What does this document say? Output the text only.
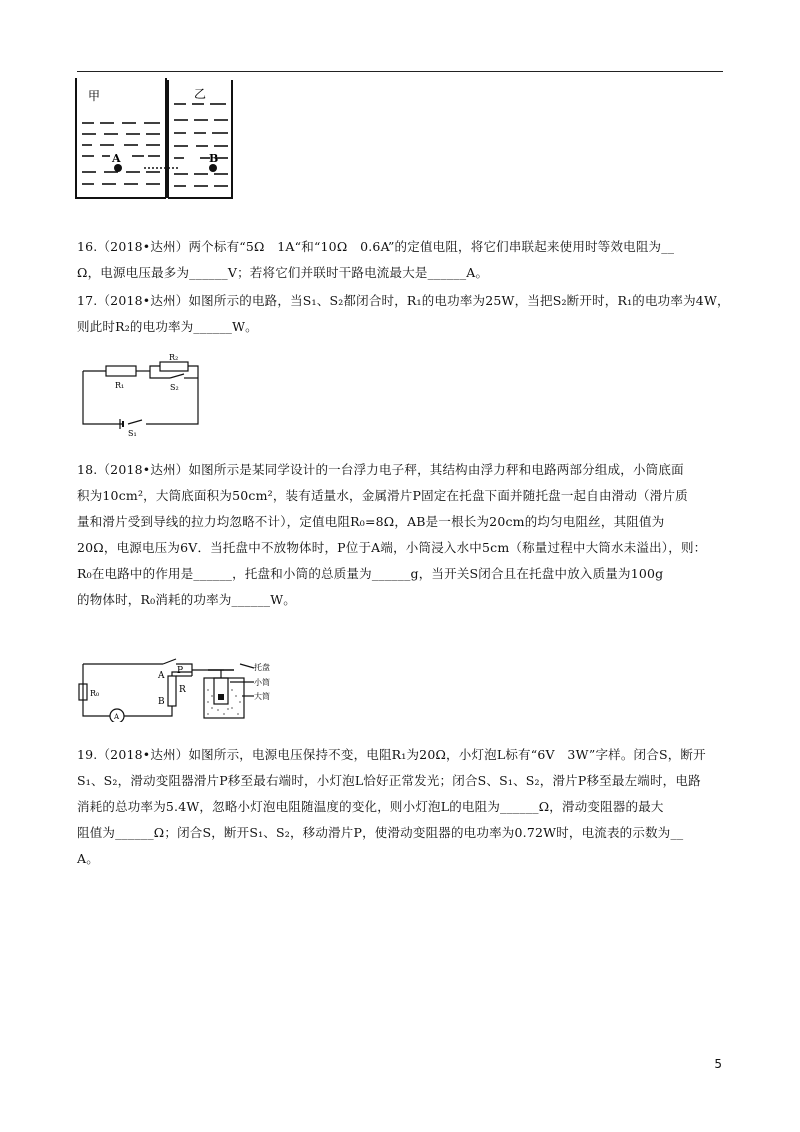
甲	乙
A	B
16.（2018•达州）两个标有“5Ω　1A“和“10Ω　0.6A”的定值电阻，将它们串联起来使用时等效电阻为__
Ω，电源电压最多为______V；若将它们并联时干路电流最大是______A。
17.（2018•达州）如图所示的电路，当S₁、S₂都闭合时，R₁的电功率为25W，当把S₂断开时，R₁的电功率为4W，
则此时R₂的电功率为______W。
R₁
R₂
S₂
S₁
18.（2018•达州）如图所示是某同学设计的一台浮力电子秤，其结构由浮力秤和电路两部分组成，小筒底面
积为10cm²，大筒底面积为50cm²，装有适量水，金属滑片P固定在托盘下面并随托盘一起自由滑动（滑片质
量和滑片受到导线的拉力均忽略不计），定值电阻R₀=8Ω，AB是一根长为20cm的均匀电阻丝，其阻值为
20Ω，电源电压为6V．当托盘中不放物体时，P位于A端，小筒浸入水中5cm（称量过程中大筒水未溢出），则：
R₀在电路中的作用是______，托盘和小筒的总质量为______g，当开关S闭合且在托盘中放入质量为100g
的物体时，R₀消耗的功率为______W。
R₀
A
B
P
R
A
托盘
小筒
大筒
19.（2018•达州）如图所示，电源电压保持不变，电阻R₁为20Ω，小灯泡L标有“6V　3W”字样。闭合S，断开
S₁、S₂，滑动变阻器滑片P移至最右端时，小灯泡L恰好正常发光；闭合S、S₁、S₂，滑片P移至最左端时，电路
消耗的总功率为5.4W，忽略小灯泡电阻随温度的变化，则小灯泡L的电阻为______Ω，滑动变阻器的最大
阻值为______Ω；闭合S，断开S₁、S₂，移动滑片P，使滑动变阻器的电功率为0.72W时，电流表的示数为__
A。
5
